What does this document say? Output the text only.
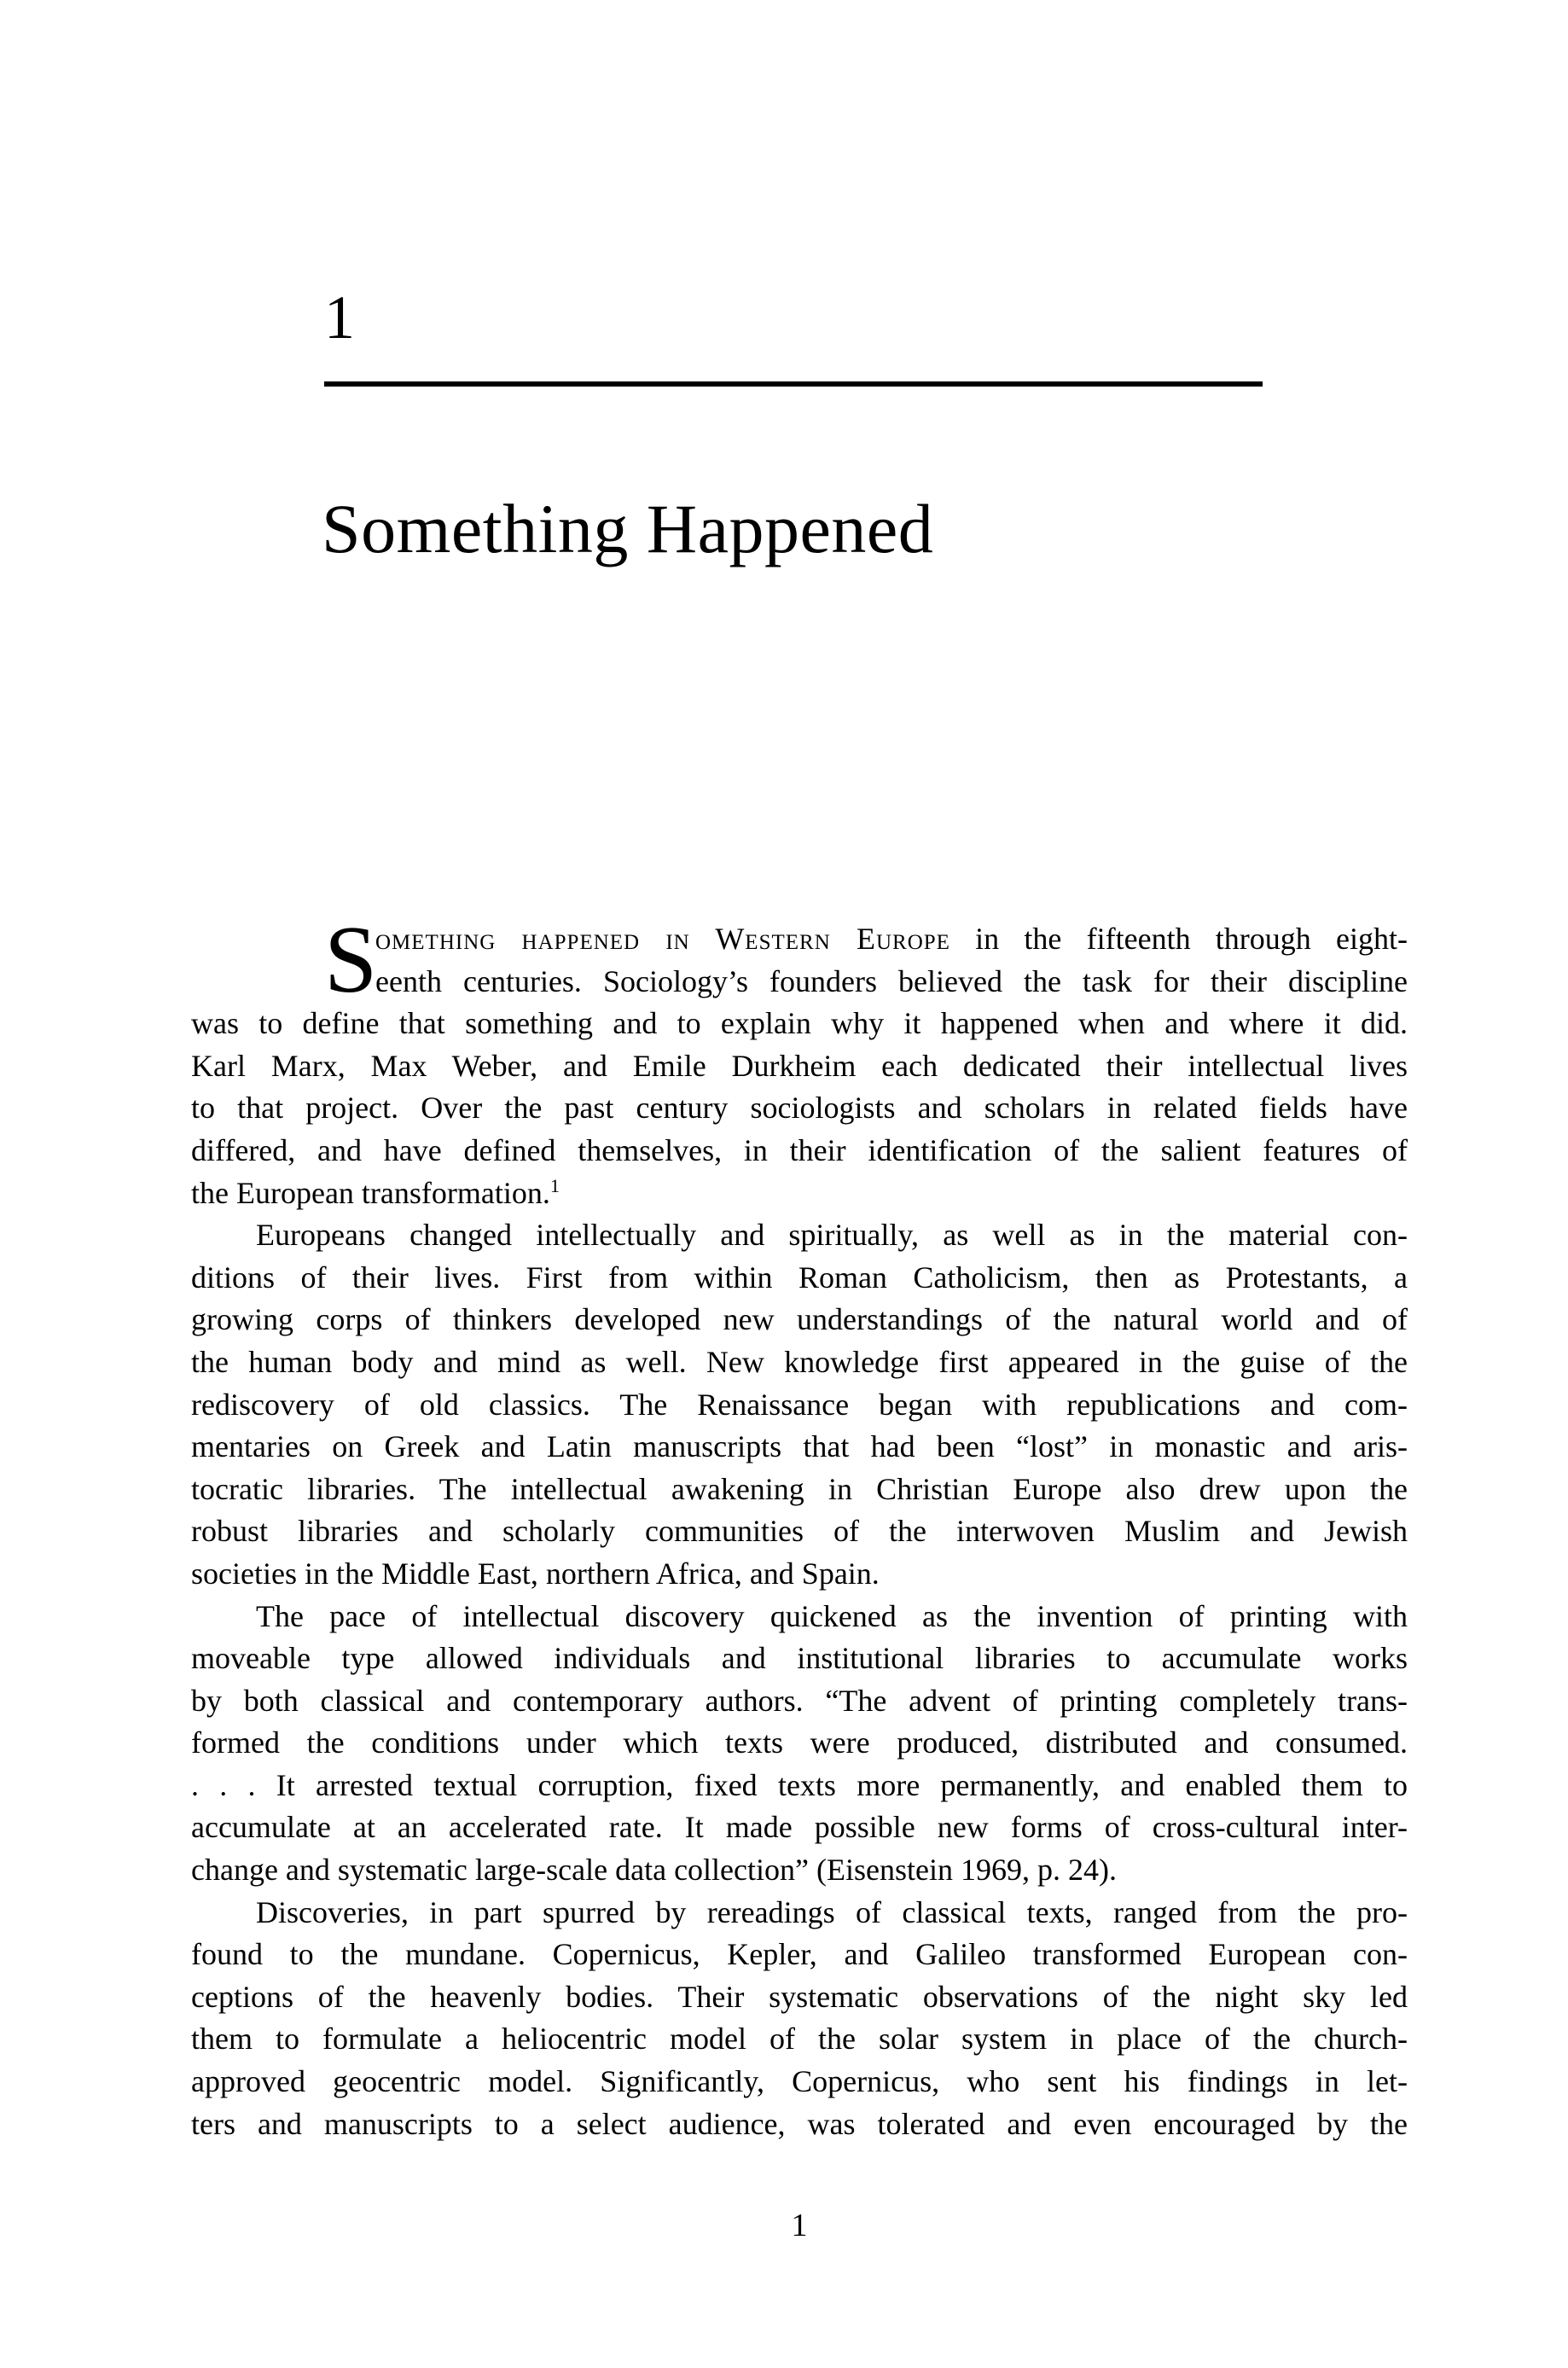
1
Something Happened
S
omething happened in Western Europe in the fifteenth through eight-
eenth centuries. Sociology’s founders believed the task for their discipline
was to define that something and to explain why it happened when and where it did.
Karl Marx, Max Weber, and Emile Durkheim each dedicated their intellectual lives
to that project. Over the past century sociologists and scholars in related fields have
differed, and have defined themselves, in their identification of the salient features of
the European transformation.$^1$
Europeans changed intellectually and spiritually, as well as in the material con-
ditions of their lives. First from within Roman Catholicism, then as Protestants, a
growing corps of thinkers developed new understandings of the natural world and of
the human body and mind as well. New knowledge first appeared in the guise of the
rediscovery of old classics. The Renaissance began with republications and com-
mentaries on Greek and Latin manuscripts that had been “lost” in monastic and aris-
tocratic libraries. The intellectual awakening in Christian Europe also drew upon the
robust libraries and scholarly communities of the interwoven Muslim and Jewish
societies in the Middle East, northern Africa, and Spain.
The pace of intellectual discovery quickened as the invention of printing with
moveable type allowed individuals and institutional libraries to accumulate works
by both classical and contemporary authors. “The advent of printing completely trans-
formed the conditions under which texts were produced, distributed and consumed.
. . . It arrested textual corruption, fixed texts more permanently, and enabled them to
accumulate at an accelerated rate. It made possible new forms of cross-cultural inter-
change and systematic large-scale data collection” (Eisenstein 1969, p. 24).
Discoveries, in part spurred by rereadings of classical texts, ranged from the pro-
found to the mundane. Copernicus, Kepler, and Galileo transformed European con-
ceptions of the heavenly bodies. Their systematic observations of the night sky led
them to formulate a heliocentric model of the solar system in place of the church-
approved geocentric model. Significantly, Copernicus, who sent his findings in let-
ters and manuscripts to a select audience, was tolerated and even encouraged by the
1
